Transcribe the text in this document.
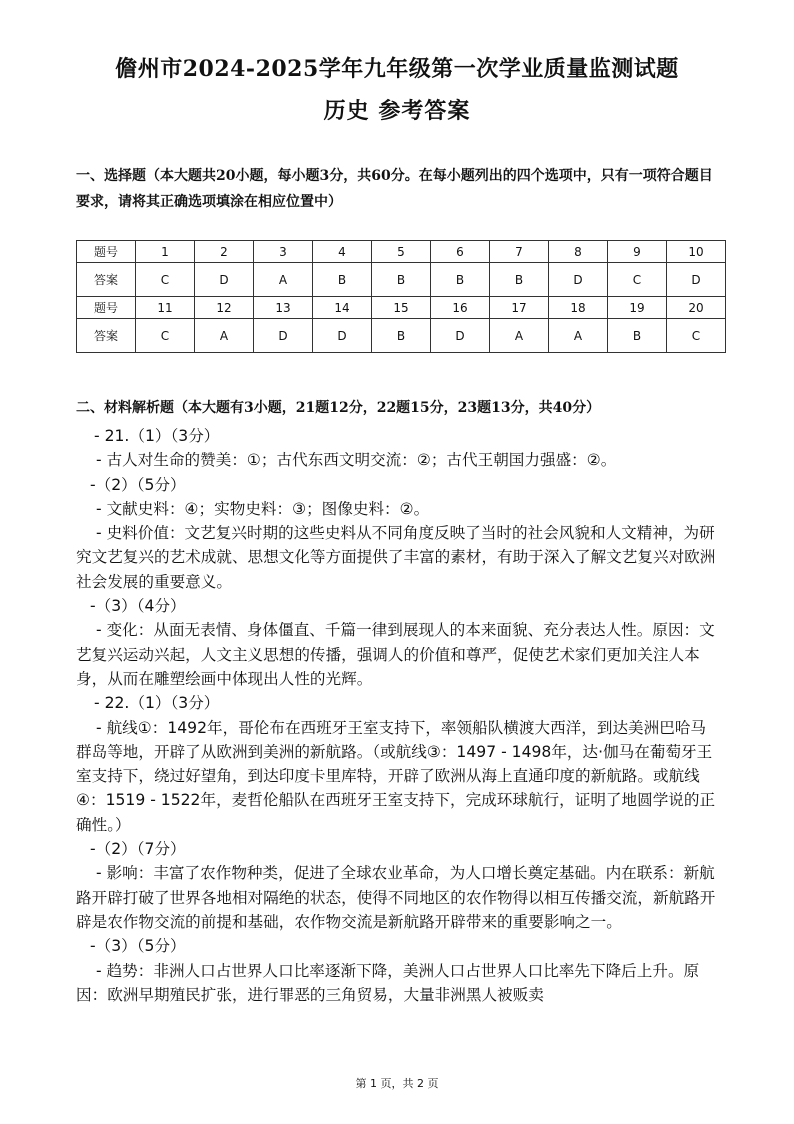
儋州市2024-2025学年九年级第一次学业质量监测试题
历史 参考答案
一、选择题（本大题共20小题，每小题3分，共60分。在每小题列出的四个选项中，只有一项符合题目要求，请将其正确选项填涂在相应位置中）
题号	1	2	3	4	5	6	7	8	9	10
答案	C	D	A	B	B	B	B	D	C	D
题号	11	12	13	14	15	16	17	18	19	20
答案	C	A	D	D	B	D	A	A	B	C
二、材料解析题（本大题有3小题，21题12分，22题15分，23题13分，共40分）

- 21.（1）（3分）

- 古人对生命的赞美：①；古代东西文明交流：②；古代王朝国力强盛：②。

-（2）（5分）

- 文献史料：④；实物史料：③；图像史料：②。

- 史料价值：文艺复兴时期的这些史料从不同角度反映了当时的社会风貌和人文精神，为研究文艺复兴的艺术成就、思想文化等方面提供了丰富的素材，有助于深入了解文艺复兴对欧洲社会发展的重要意义。

-（3）（4分）

- 变化：从面无表情、身体僵直、千篇一律到展现人的本来面貌、充分表达人性。原因：文艺复兴运动兴起，人文主义思想的传播，强调人的价值和尊严，促使艺术家们更加关注人本身，从而在雕塑绘画中体现出人性的光辉。

- 22.（1）（3分）

- 航线①：1492年，哥伦布在西班牙王室支持下，率领船队横渡大西洋，到达美洲巴哈马群岛等地，开辟了从欧洲到美洲的新航路。（或航线③：1497 - 1498年，达·伽马在葡萄牙王室支持下，绕过好望角，到达印度卡里库特，开辟了欧洲从海上直通印度的新航路。或航线④：1519 - 1522年，麦哲伦船队在西班牙王室支持下，完成环球航行，证明了地圆学说的正确性。）

-（2）（7分）

- 影响：丰富了农作物种类，促进了全球农业革命，为人口增长奠定基础。内在联系：新航路开辟打破了世界各地相对隔绝的状态，使得不同地区的农作物得以相互传播交流，新航路开辟是农作物交流的前提和基础，农作物交流是新航路开辟带来的重要影响之一。

-（3）（5分）

- 趋势：非洲人口占世界人口比率逐渐下降，美洲人口占世界人口比率先下降后上升。原因：欧洲早期殖民扩张，进行罪恶的三角贸易，大量非洲黑人被贩卖

第 1 页，共 2 页
